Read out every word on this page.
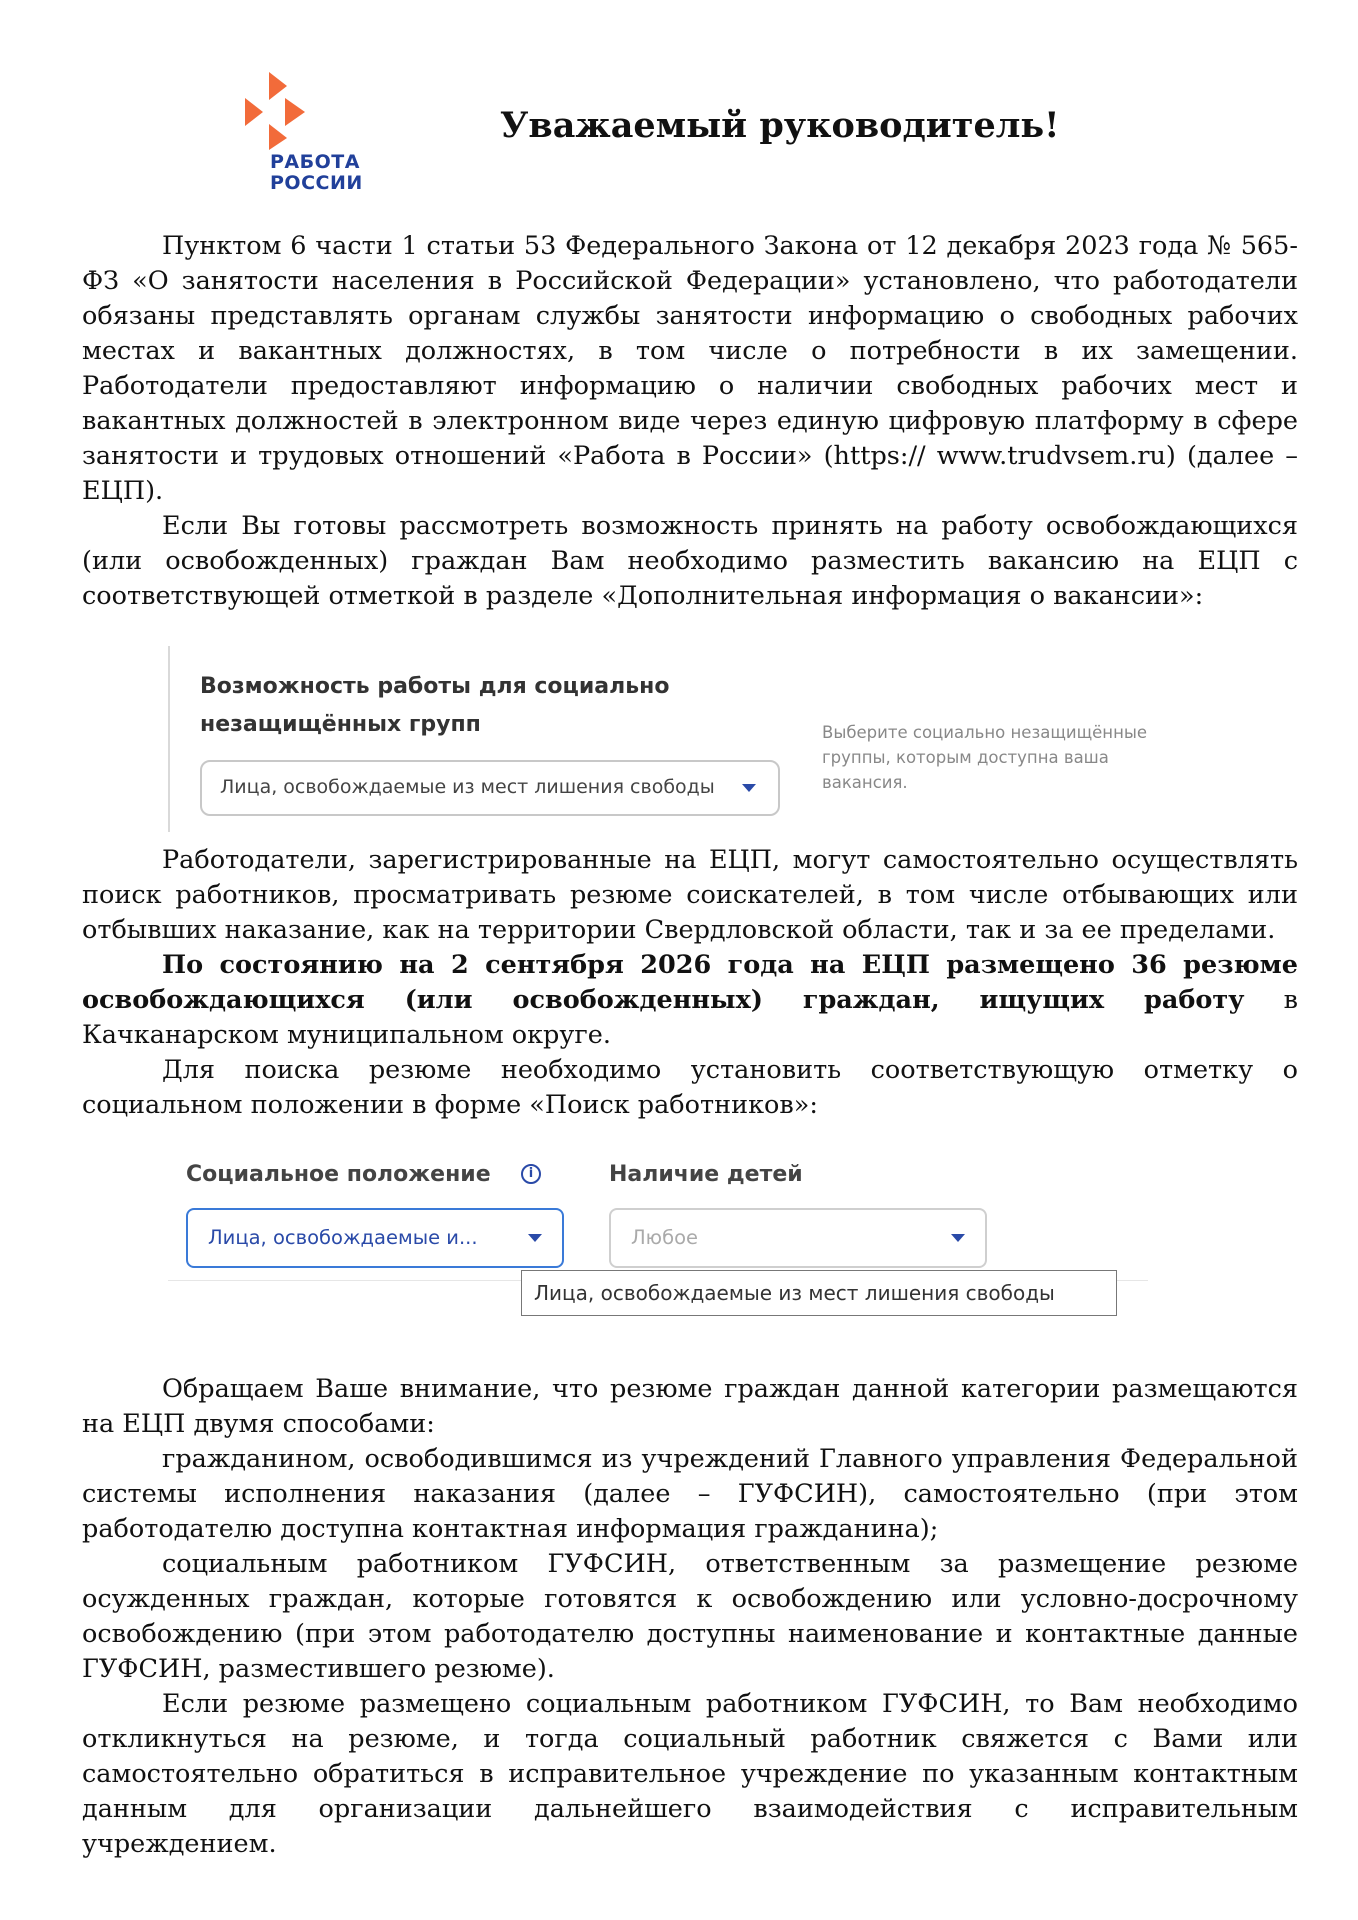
РАБОТА
РОССИИ
Уважаемый руководитель!

Пунктом 6 части 1 статьи 53 Федерального Закона от 12 декабря 2023 года № 565-ФЗ «О занятости населения в Российской Федерации» установлено, что работодатели обязаны представлять органам службы занятости информацию о свободных рабочих местах и вакантных должностях, в том числе о потребности в их замещении. Работодатели предоставляют информацию о наличии свободных рабочих мест и вакантных должностей в электронном виде через единую цифровую платформу в сфере занятости и трудовых отношений «Работа в России» (https:// www.trudvsem.ru) (далее – ЕЦП).

Если Вы готовы рассмотреть возможность принять на работу освобождающихся (или освобожденных) граждан Вам необходимо разместить вакансию на ЕЦП с соответствующей отметкой в разделе «Дополнительная информация о вакансии»:

Возможность работы для социально незащищённых групп
Лица, освобождаемые из мест лишения свободы
Выберите социально незащищённые группы, которым доступна ваша вакансия.

Работодатели, зарегистрированные на ЕЦП, могут самостоятельно осуществлять поиск работников, просматривать резюме соискателей, в том числе отбывающих или отбывших наказание, как на территории Свердловской области, так и за ее пределами.

По состоянию на 2 сентября 2026 года на ЕЦП размещено 36 резюме освобождающихся (или освобожденных) граждан, ищущих работу в Качканарском муниципальном округе.

Для поиска резюме необходимо установить соответствующую отметку о социальном положении в форме «Поиск работников»:

Социальное положение	i	Наличие детей
Лица, освобождаемые и...	Любое
Лица, освобождаемые из мест лишения свободы

Обращаем Ваше внимание, что резюме граждан данной категории размещаются на ЕЦП двумя способами:

гражданином, освободившимся из учреждений Главного управления Федеральной системы исполнения наказания (далее – ГУФСИН), самостоятельно (при этом работодателю доступна контактная информация гражданина);

социальным работником ГУФСИН, ответственным за размещение резюме осужденных граждан, которые готовятся к освобождению или условно-досрочному освобождению (при этом работодателю доступны наименование и контактные данные ГУФСИН, разместившего резюме).

Если резюме размещено социальным работником ГУФСИН, то Вам необходимо откликнуться на резюме, и тогда социальный работник свяжется с Вами или самостоятельно обратиться в исправительное учреждение по указанным контактным данным для организации дальнейшего взаимодействия с исправительным учреждением.
